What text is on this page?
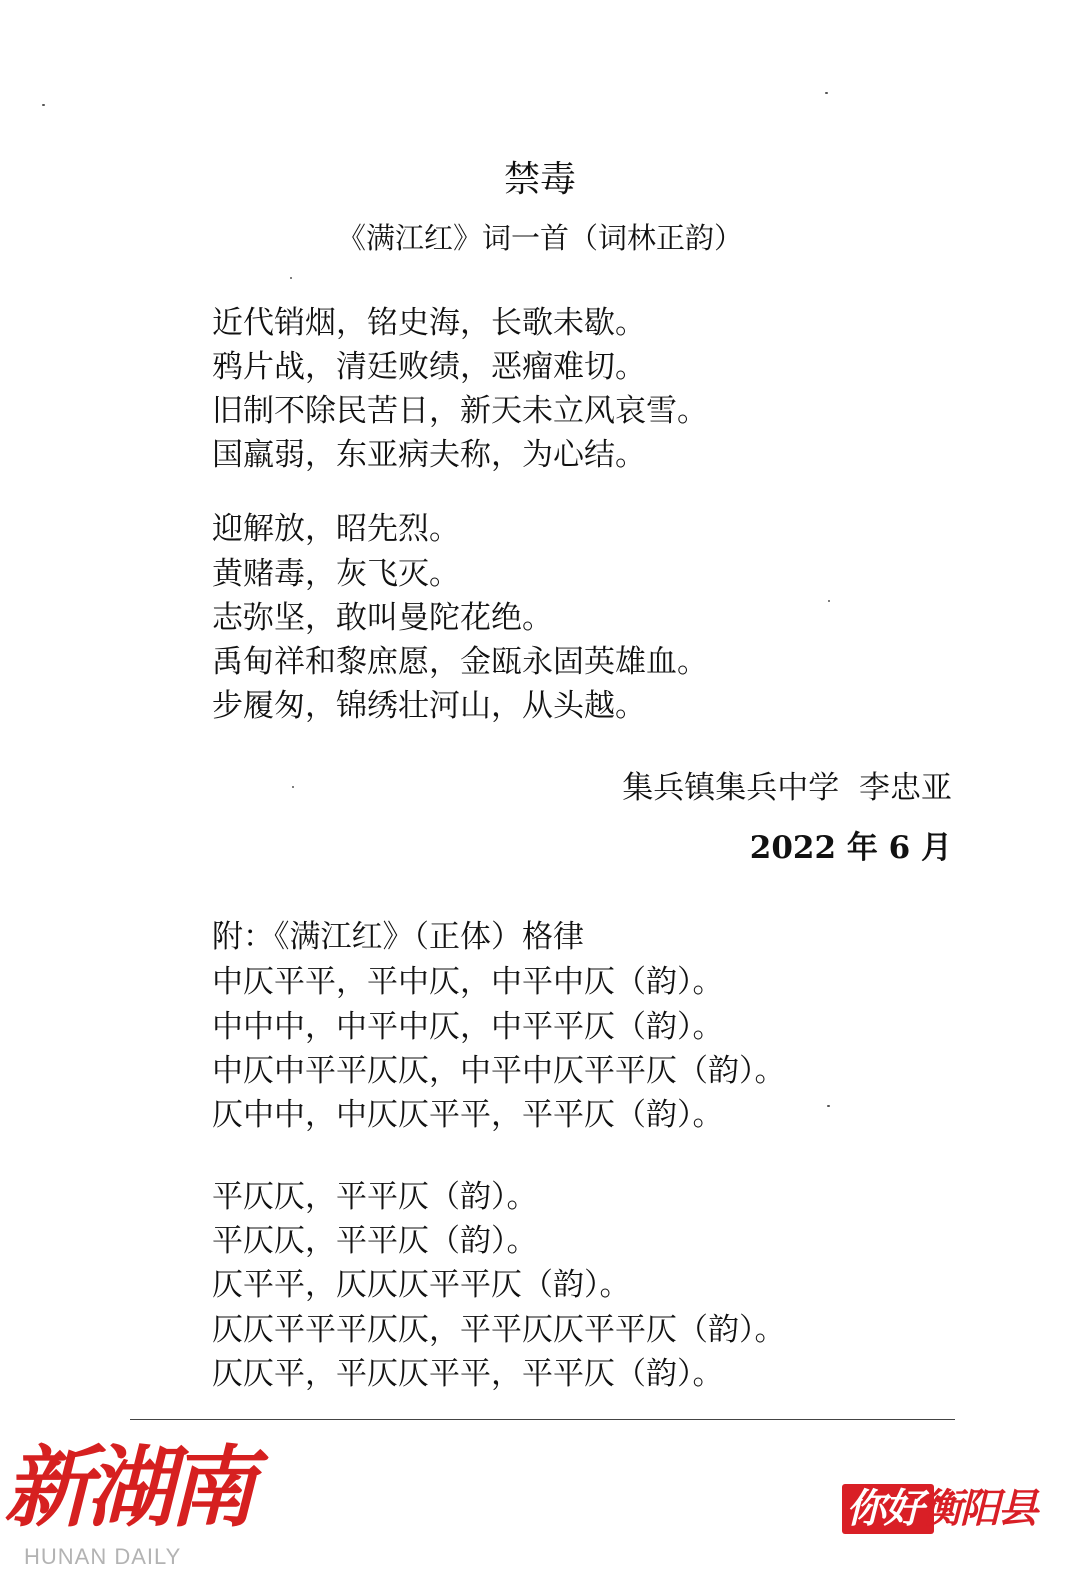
禁毒
《满江红》词一首（词林正韵）
近代销烟，铭史海，长歌未歇。
鸦片战，清廷败绩，恶瘤难切。
旧制不除民苦日，新天未立风哀雪。
国羸弱，东亚病夫称，为心结。
迎解放，昭先烈。
黄赌毒，灰飞灭。
志弥坚，敢叫曼陀花绝。
禹甸祥和黎庶愿，金瓯永固英雄血。
步履匆，锦绣壮河山，从头越。
集兵镇集兵中学  李忠亚
2022 年 6 月
附：《满江红》（正体）格律
中仄平平，平中仄，中平中仄（韵）。
中中中，中平中仄，中平平仄（韵）。
中仄中平平仄仄，中平中仄平平仄（韵）。
仄中中，中仄仄平平，平平仄（韵）。
平仄仄，平平仄（韵）。
平仄仄，平平仄（韵）。
仄平平，仄仄仄平平仄（韵）。
仄仄平平平仄仄，平平仄仄平平仄（韵）。
仄仄平，平仄仄平平，平平仄（韵）。
新湖南
HUNAN DAILY
你好衡阳县
